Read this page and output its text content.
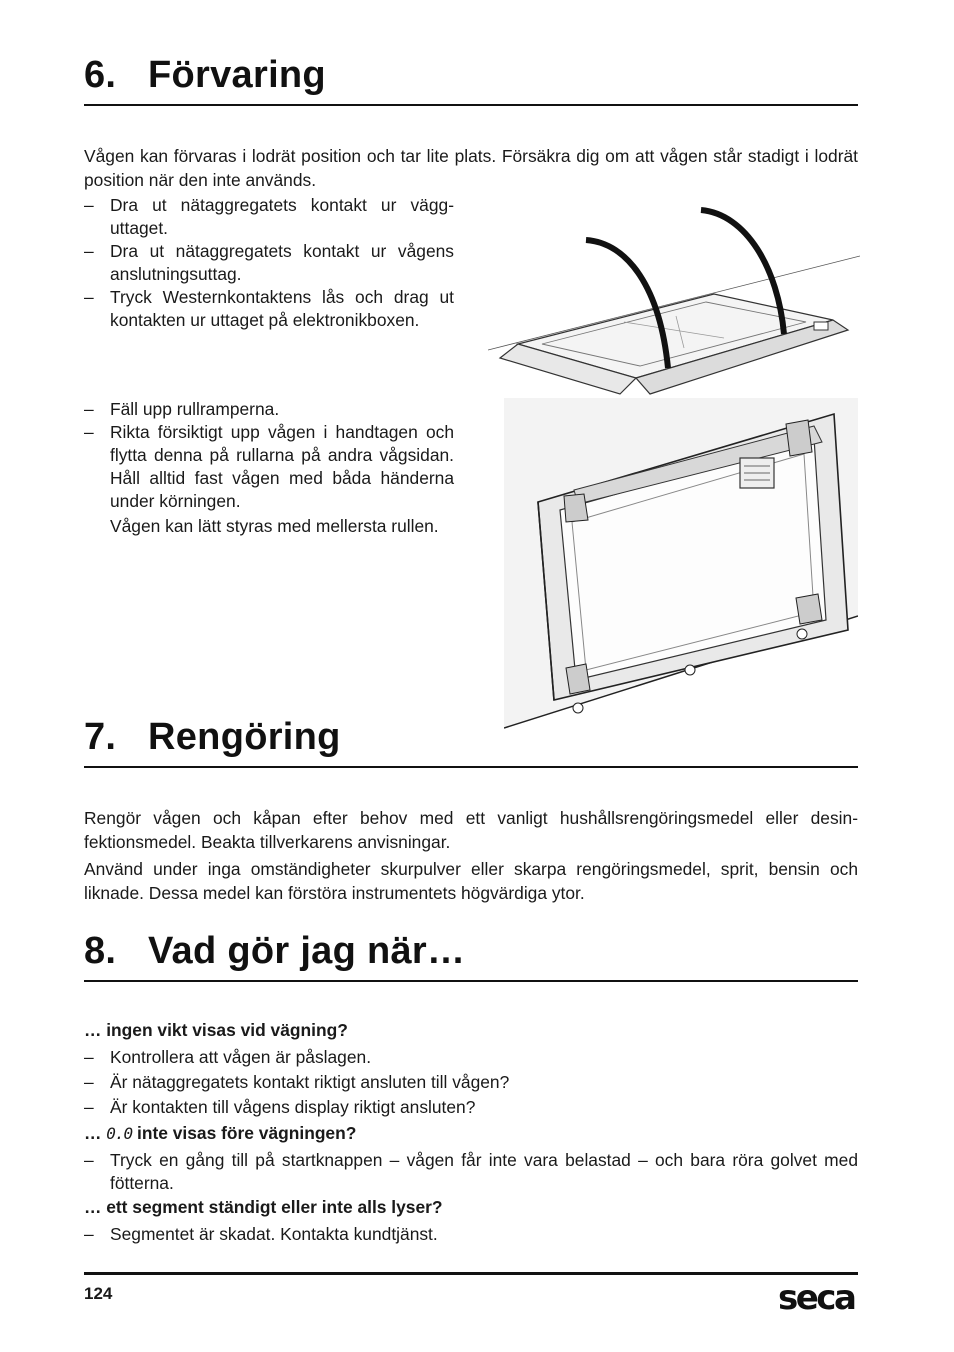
6. Förvaring

Vågen kan förvaras i lodrät position och tar lite plats. Försäkra dig om att vågen står stadigt i lodrät position när den inte används.

– Dra ut nätaggregatets kontakt ur vägguttaget.
– Dra ut nätaggregatets kontakt ur vågens anslutningsuttag.
– Tryck Westernkontaktens lås och drag ut kontakten ur uttaget på elektronikboxen.
– Fäll upp rullramperna.
– Rikta försiktigt upp vågen i handtagen och flytta denna på rullarna på andra vågsidan. Håll alltid fast vågen med båda händerna under körningen.
Vågen kan lätt styras med mellersta rullen.
7. Rengöring

Rengör vågen och kåpan efter behov med ett vanligt hushållsrengöringsmedel eller desinfektionsmedel. Beakta tillverkarens anvisningar.

Använd under inga omständigheter skurpulver eller skarpa rengöringsmedel, sprit, bensin och liknade. Dessa medel kan förstöra instrumentets högvärdiga ytor.

8. Vad gör jag när…
… ingen vikt visas vid vägning?
– Kontrollera att vågen är påslagen.
– Är nätaggregatets kontakt riktigt ansluten till vågen?
– Är kontakten till vågens display riktigt ansluten?
… 0.0 inte visas före vägningen?
– Tryck en gång till på startknappen – vågen får inte vara belastad – och bara röra golvet med fötterna.
… ett segment ständigt eller inte alls lyser?
– Segmentet är skadat. Kontakta kundtjänst.
124	seca
